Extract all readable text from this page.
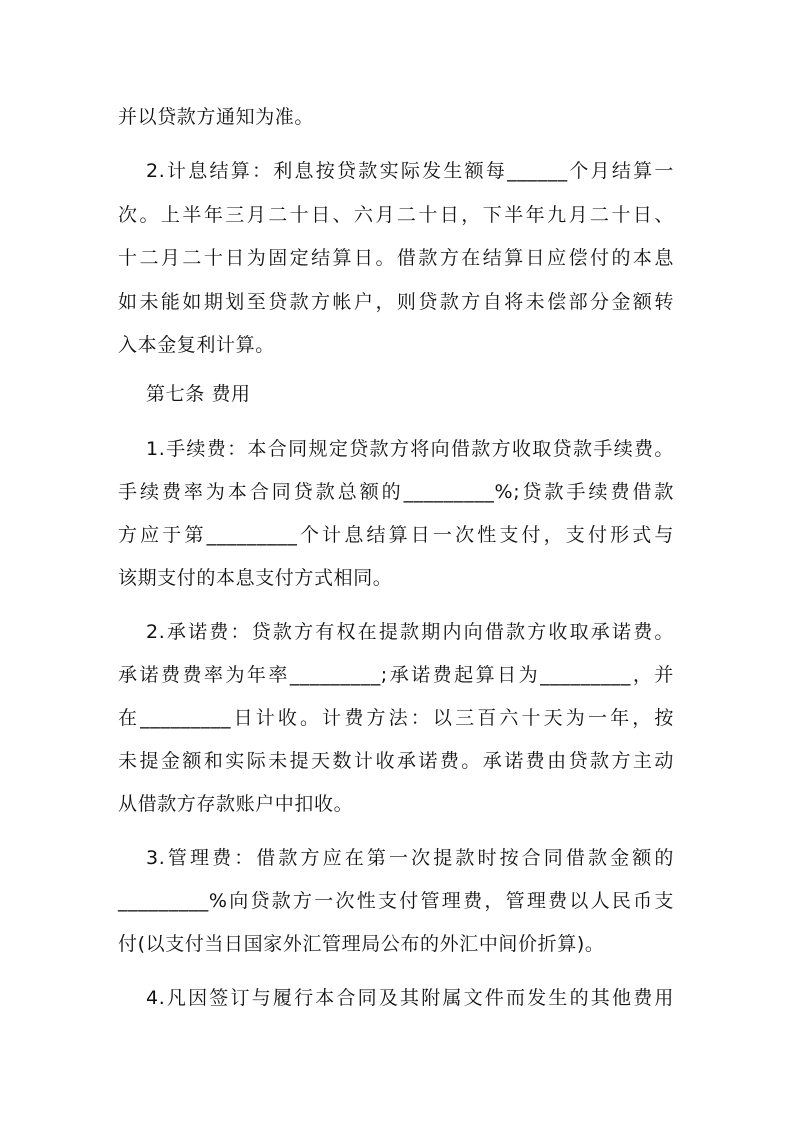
并以贷款方通知为准。
2.计息结算：利息按贷款实际发生额每______个月结算一
次。上半年三月二十日、六月二十日，下半年九月二十日、
十二月二十日为固定结算日。借款方在结算日应偿付的本息
如未能如期划至贷款方帐户，则贷款方自将未偿部分金额转
入本金复利计算。
第七条 费用
1.手续费：本合同规定贷款方将向借款方收取贷款手续费。
手续费率为本合同贷款总额的_________%;贷款手续费借款
方应于第_________个计息结算日一次性支付，支付形式与
该期支付的本息支付方式相同。
2.承诺费：贷款方有权在提款期内向借款方收取承诺费。
承诺费费率为年率_________;承诺费起算日为_________，并
在_________日计收。计费方法：以三百六十天为一年，按
未提金额和实际未提天数计收承诺费。承诺费由贷款方主动
从借款方存款账户中扣收。
3.管理费：借款方应在第一次提款时按合同借款金额的
_________%向贷款方一次性支付管理费，管理费以人民币支
付(以支付当日国家外汇管理局公布的外汇中间价折算)。
4.凡因签订与履行本合同及其附属文件而发生的其他费用
